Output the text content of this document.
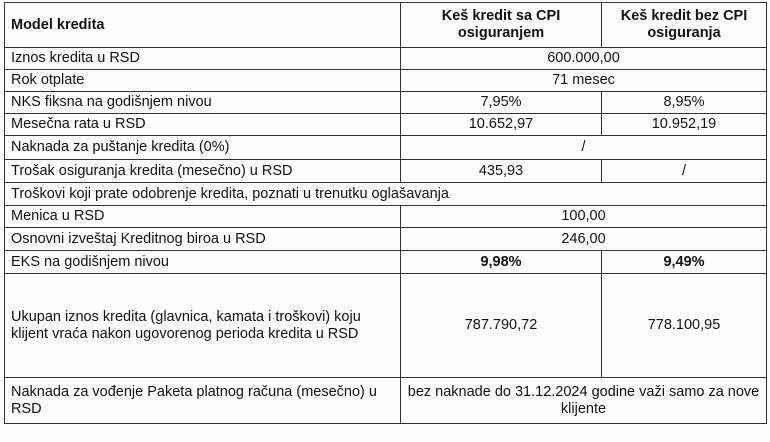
Model kredita	Keš kredit sa CPI osiguranjem	Keš kredit bez CPI osiguranja
Iznos kredita u RSD	600.000,00	
Rok otplate	71 mesec	
NKS fiksna na godišnjem nivou	7,95%	8,95%
Mesečna rata u RSD	10.652,97	10.952,19
Naknada za puštanje kredita (0%)	/	
Trošak osiguranja kredita (mesečno) u RSD	435,93	/
Troškovi koji prate odobrenje kredita, poznati u trenutku oglašavanja		
Menica u RSD	100,00	
Osnovni izveštaj Kreditnog biroa u RSD	246,00	
EKS na godišnjem nivou	9,98%	9,49%
Ukupan iznos kredita (glavnica, kamata i troškovi) koju klijent vraća nakon ugovorenog perioda kredita u RSD	787.790,72	778.100,95
Naknada za vođenje Paketa platnog računa (mesečno) u RSD	bez naknade do 31.12.2024 godine važi samo za nove klijente	
